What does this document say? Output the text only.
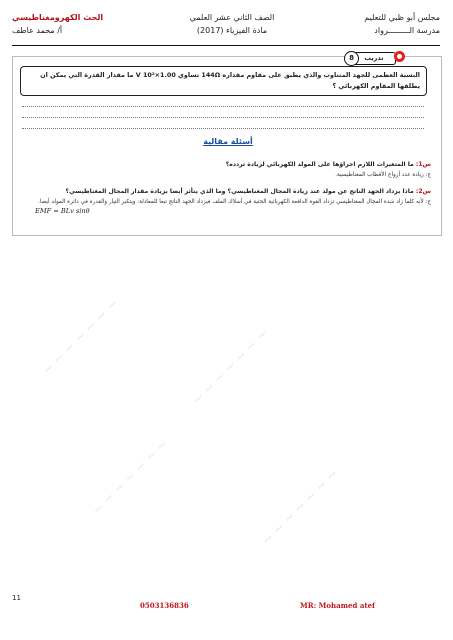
مجلس أبو ظبي للتعليم
مدرسة الـــــــــرواد
الصف الثاني عشر العلمي
مادة الفيزياء (2017)
الحث الكهرومغناطيسي
أ/ محمد عاطف
8	تدريب
النسبة العظمى للجهد المتناوب والذي يطبق على مقاوم مقداره 144Ω تساوي 1.00×10² V ما مقدار القدرة التي يمكن ان يطلقها المقاوم الكهربائي ؟
أسئلة مقالية
س1: ما المتغيرات اللازم اجراؤها على المولد الكهربائي لزيادة تردده؟
ج: زيادة عدد أزواج الأقطاب المغناطيسية.
س2: ماذا يزداد الجهد الناتج عن مولد عند زيادة المجال المغناطيسي؟ وما الذي يتأثر أيضا بزيادة مقدار المجال المغناطيسي؟
ج: لأنه كلما زاد شدة المجال المغناطيسي تزداد القوة الدافعة الكهربائية الحثية في أسلاك الملف فيزداد الجهد الناتج تبعا للمعادلة: ويتكبر التيار والقدرة في دائرة المولد أيضا.
EMF = BLv sinθ
~ ~ ~ ~ ~ ~ ~	~ ~ ~ ~ ~ ~ ~
~ ~ ~ ~ ~ ~ ~	~ ~ ~ ~ ~ ~ ~
11
0503136836	MR: Mohamed atef
